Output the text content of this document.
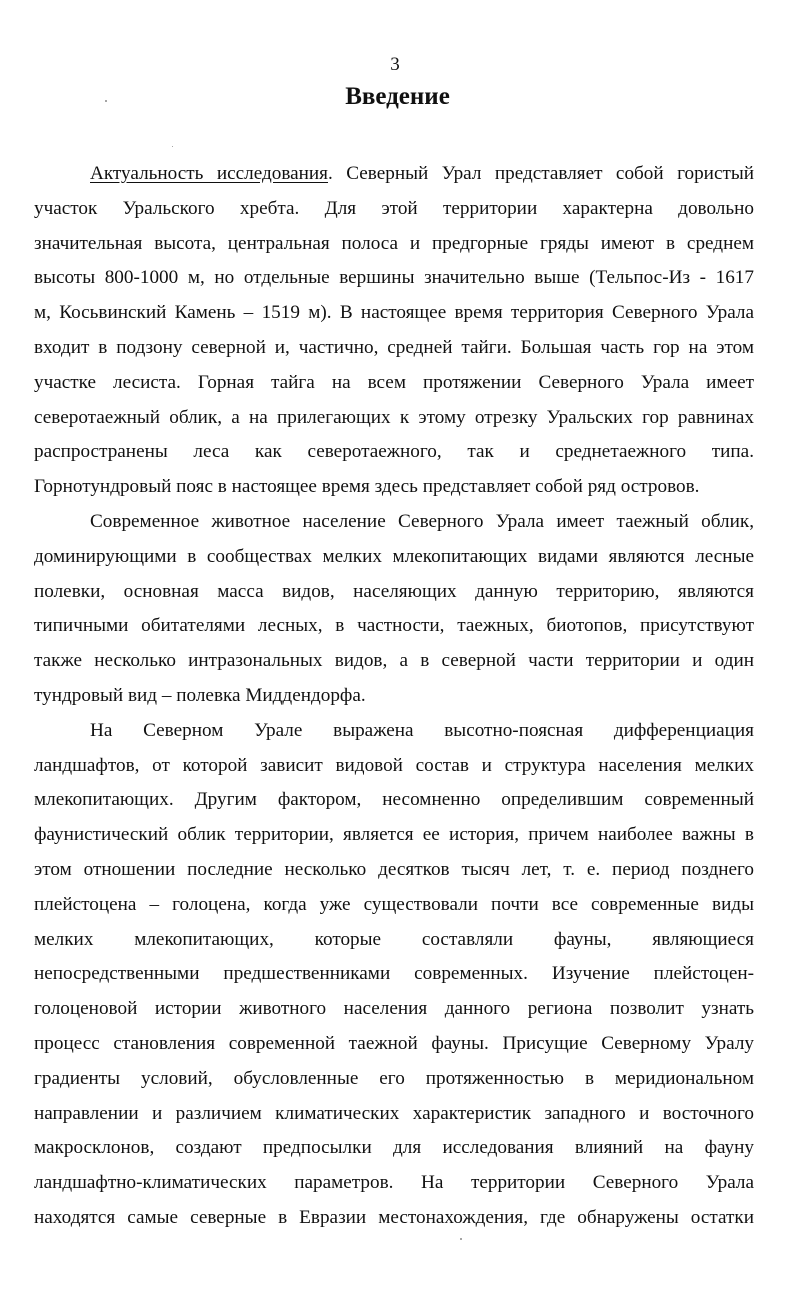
3
Введение
Актуальность исследования. Северный Урал представляет собой гористый
участок Уральского хребта. Для этой территории характерна довольно
значительная высота, центральная полоса и предгорные гряды имеют в среднем
высоты 800-1000 м, но отдельные вершины значительно выше (Тельпос-Из - 1617
м, Косьвинский Камень – 1519 м). В настоящее время территория Северного Урала
входит в подзону северной и, частично, средней тайги. Большая часть гор на этом
участке лесиста. Горная тайга на всем протяжении Северного Урала имеет
северотаежный облик, а на прилегающих к этому отрезку Уральских гор равнинах
распространены леса как северотаежного, так и среднетаежного типа.
Горнотундровый пояс в настоящее время здесь представляет собой ряд островов.
Современное животное население Северного Урала имеет таежный облик,
доминирующими в сообществах мелких млекопитающих видами являются лесные
полевки, основная масса видов, населяющих данную территорию, являются
типичными обитателями лесных, в частности, таежных, биотопов, присутствуют
также несколько интразональных видов, а в северной части территории и один
тундровый вид – полевка Миддендорфа.
На Северном Урале выражена высотно-поясная дифференциация
ландшафтов, от которой зависит видовой состав и структура населения мелких
млекопитающих. Другим фактором, несомненно определившим современный
фаунистический облик территории, является ее история, причем наиболее важны в
этом отношении последние несколько десятков тысяч лет, т. е. период позднего
плейстоцена – голоцена, когда уже существовали почти все современные виды
мелких млекопитающих, которые составляли фауны, являющиеся
непосредственными предшественниками современных. Изучение плейстоцен-
голоценовой истории животного населения данного региона позволит узнать
процесс становления современной таежной фауны. Присущие Северному Уралу
градиенты условий, обусловленные его протяженностью в меридиональном
направлении и различием климатических характеристик западного и восточного
макросклонов, создают предпосылки для исследования влияний на фауну
ландшафтно-климатических параметров. На территории Северного Урала
находятся самые северные в Евразии местонахождения, где обнаружены остатки
